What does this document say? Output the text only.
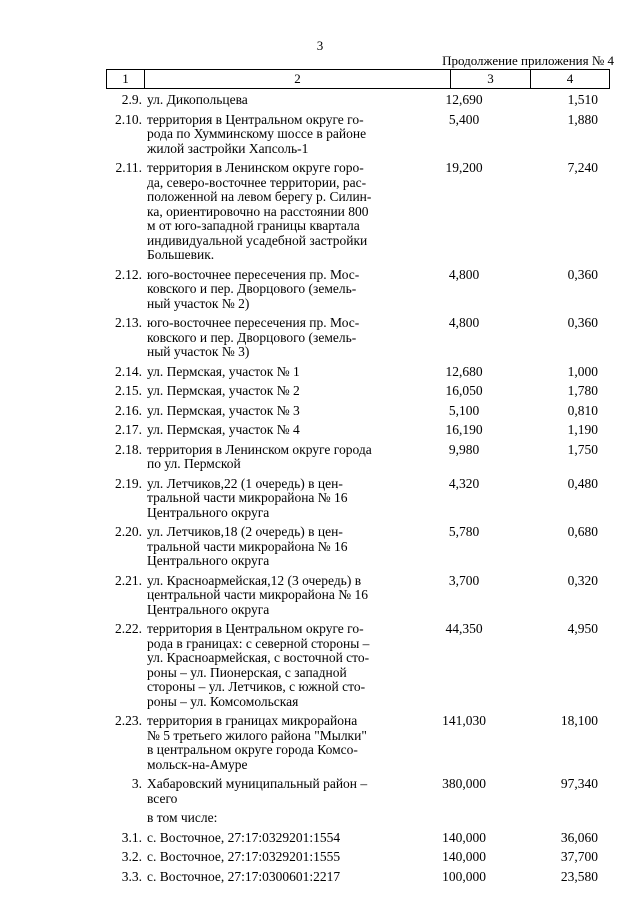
3
Продолжение приложения № 4
1	2	3	4
2.9. ул. Дикопольцева	12,690	1,510
2.10. территория в Центральном округе го-
рода по Хумминскому шоссе в районе
жилой застройки Хапсоль-1
5,400	1,880
2.11. территория в Ленинском округе горо-
да, северо-восточнее территории, рас-
положенной на левом берегу р. Силин-
ка, ориентировочно на расстоянии 800
м от юго-западной границы квартала
индивидуальной усадебной застройки
Большевик.
19,200	7,240
2.12. юго-восточнее пересечения пр. Мос-
ковского и пер. Дворцового (земель-
ный участок № 2)
4,800	0,360
2.13. юго-восточнее пересечения пр. Мос-
ковского и пер. Дворцового (земель-
ный участок № 3)
4,800	0,360
2.14. ул. Пермская, участок № 1	12,680	1,000
2.15. ул. Пермская, участок № 2	16,050	1,780
2.16. ул. Пермская, участок № 3	5,100	0,810
2.17. ул. Пермская, участок № 4	16,190	1,190
2.18. территория в Ленинском округе города
по ул. Пермской
9,980	1,750
2.19. ул. Летчиков,22 (1 очередь) в цен-
тральной части микрорайона № 16
Центрального округа
4,320	0,480
2.20. ул. Летчиков,18 (2 очередь) в цен-
тральной части микрорайона № 16
Центрального округа
5,780	0,680
2.21. ул. Красноармейская,12 (3 очередь) в
центральной части микрорайона № 16
Центрального округа
3,700	0,320
2.22. территория в Центральном округе го-
рода в границах: с северной стороны –
ул. Красноармейская, с восточной сто-
роны – ул. Пионерская, с западной
стороны – ул. Летчиков, с южной сто-
роны – ул. Комсомольская
44,350	4,950
2.23. территория в границах микрорайона
№ 5 третьего жилого района "Мылки"
в центральном округе города Комсо-
мольск-на-Амуре
141,030	18,100
3. Хабаровский муниципальный район –
всего
380,000	97,340
в том числе:
3.1. с. Восточное, 27:17:0329201:1554	140,000	36,060
3.2. с. Восточное, 27:17:0329201:1555	140,000	37,700
3.3. с. Восточное, 27:17:0300601:2217	100,000	23,580
